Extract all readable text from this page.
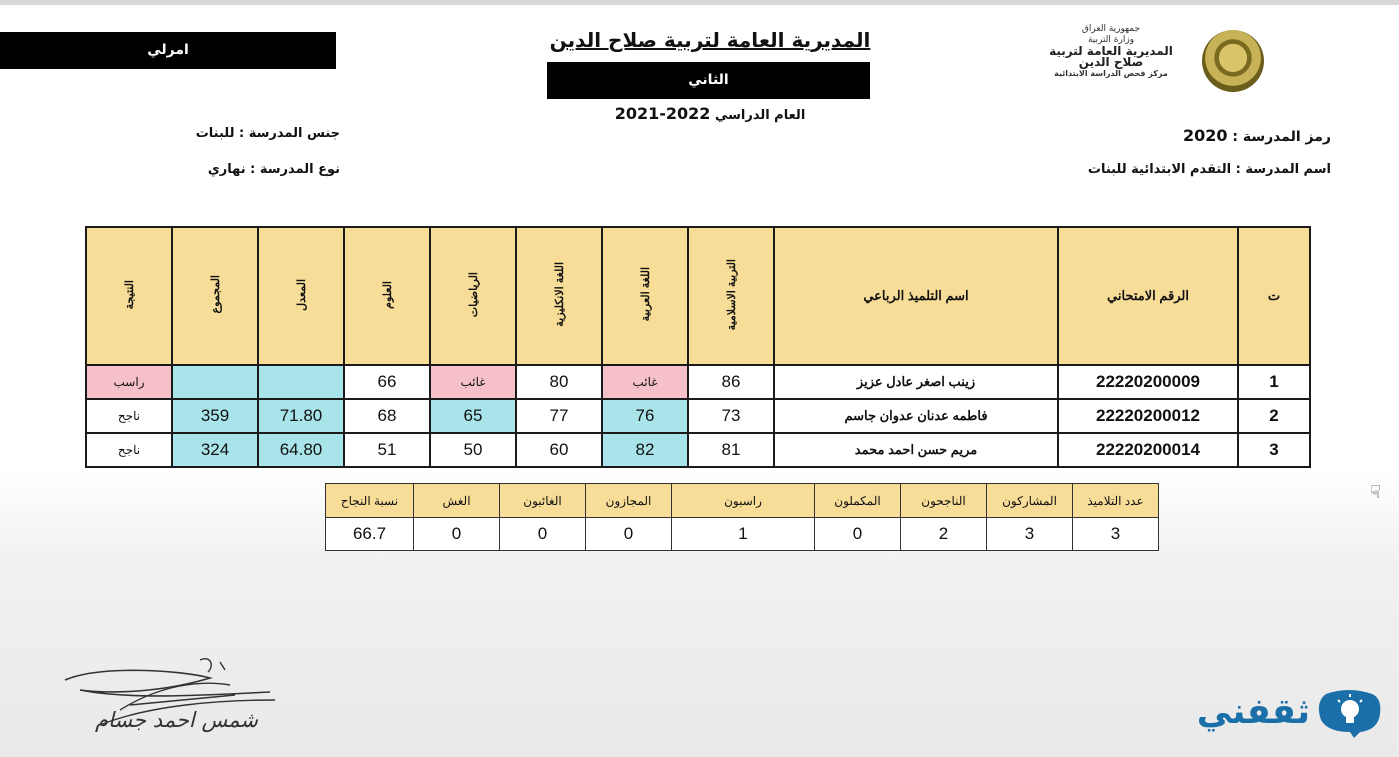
امرلي	المديرية العامة لتربية صلاح الدين
الثاني
العام الدراسي 2022-2021
جمهورية العراق
وزارة التربية
المديرية العامة لتربية صلاح الدين
مركز فحص الدراسة الابتدائية
رمز المدرسة : 2020
اسم المدرسة : التقدم الابتدائية للبنات
جنس المدرسة : للبنات
نوع المدرسة : نهاري
ت	الرقم الامتحاني	اسم التلميذ الرباعي	التربية الاسلامية	اللغة العربية	اللغة الانكليزية	الرياضيات	العلوم	المعدل	المجموع	النتيجة
1	22220200009	زينب اصغر عادل عزيز	86	غائب	80	غائب	66			راسب
2	22220200012	فاطمه عدنان عدوان جاسم	73	76	77	65	68	71.80	359	ناجح
3	22220200014	مريم حسن احمد محمد	81	82	60	50	51	64.80	324	ناجح
عدد التلاميذ	المشاركون	الناجحون	المكملون	راسبون	المجازون	الغائبون	الغش	نسبة النجاح
3	3	2	0	1	0	0	0	66.7
☟
شمس احمد جسام	ثقفني
